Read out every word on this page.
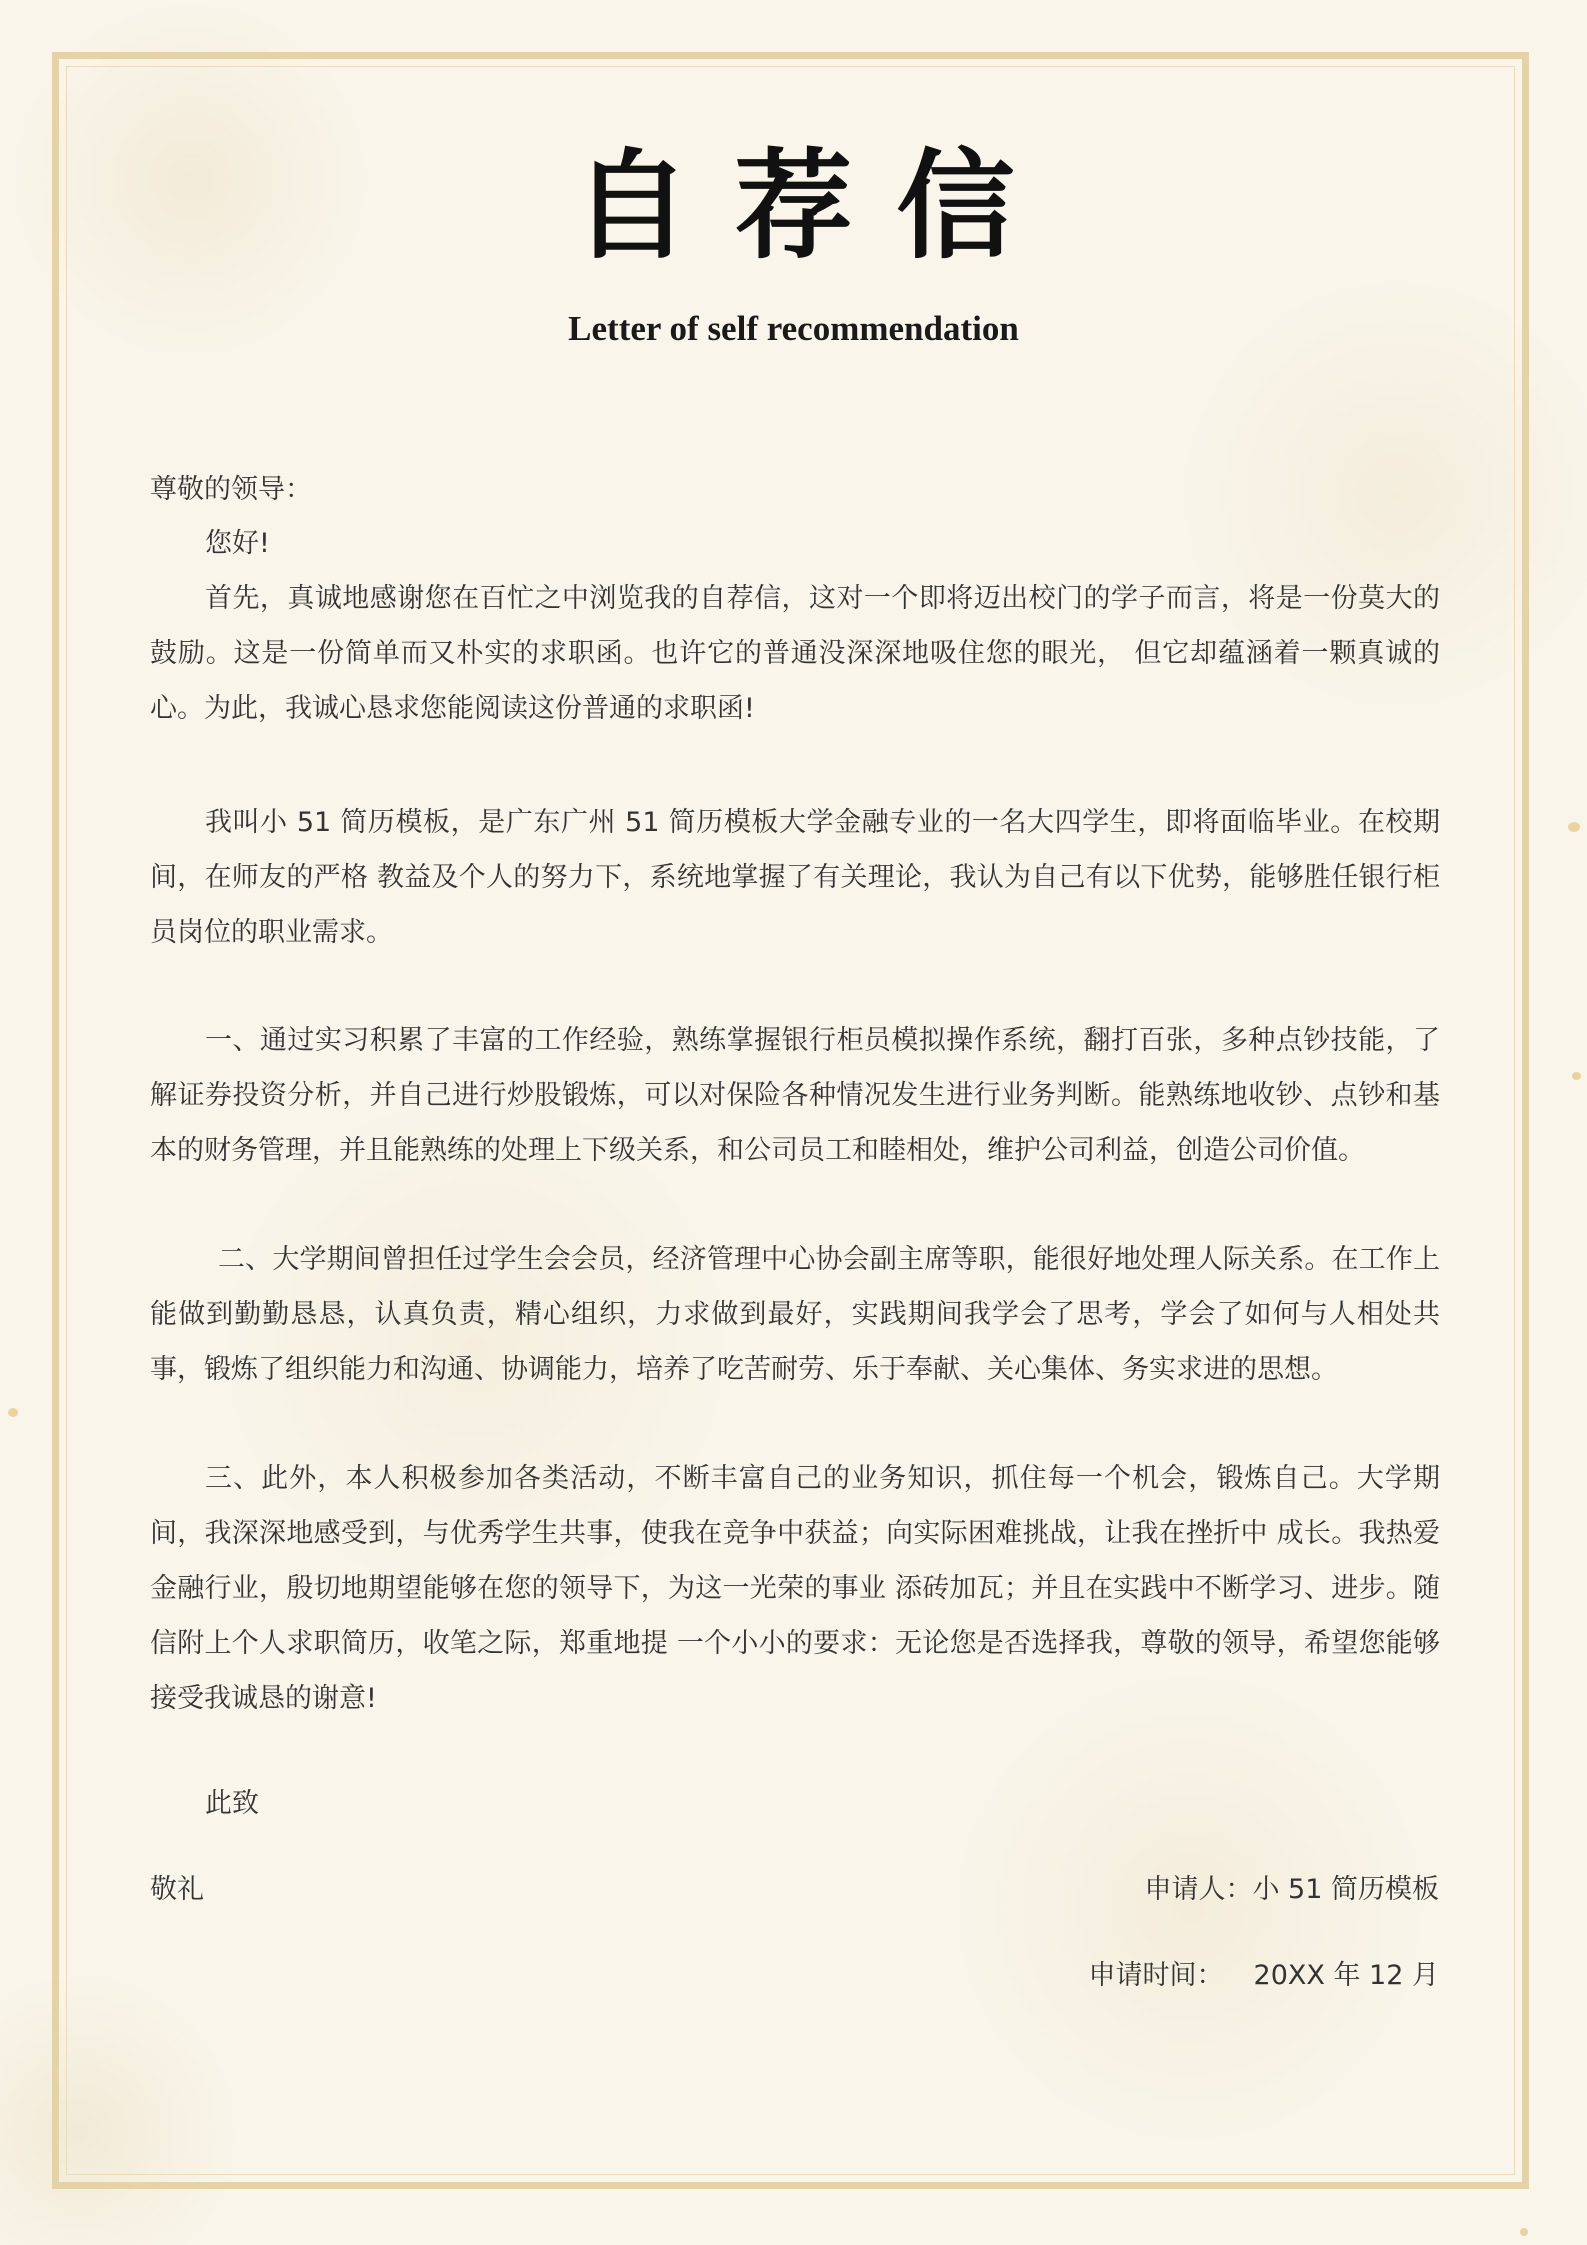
自荐信
Letter of self recommendation
尊敬的领导：
您好!
首先，真诚地感谢您在百忙之中浏览我的自荐信，这对一个即将迈出校门的学子而言，将是一份莫大的鼓励。这是一份简单而又朴实的求职函。也许它的普通没深深地吸住您的眼光， 但它却蕴涵着一颗真诚的心。为此，我诚心恳求您能阅读这份普通的求职函!
我叫小 51 简历模板，是广东广州 51 简历模板大学金融专业的一名大四学生，即将面临毕业。在校期间，在师友的严格 教益及个人的努力下，系统地掌握了有关理论，我认为自己有以下优势，能够胜任银行柜员岗位的职业需求。
一、通过实习积累了丰富的工作经验，熟练掌握银行柜员模拟操作系统，翻打百张，多种点钞技能，了解证券投资分析，并自己进行炒股锻炼，可以对保险各种情况发生进行业务判断。能熟练地收钞、点钞和基本的财务管理，并且能熟练的处理上下级关系，和公司员工和睦相处，维护公司利益，创造公司价值。
二、大学期间曾担任过学生会会员，经济管理中心协会副主席等职，能很好地处理人际关系。在工作上能做到勤勤恳恳，认真负责，精心组织，力求做到最好，实践期间我学会了思考，学会了如何与人相处共事，锻炼了组织能力和沟通、协调能力，培养了吃苦耐劳、乐于奉献、关心集体、务实求进的思想。
三、此外，本人积极参加各类活动，不断丰富自己的业务知识，抓住每一个机会，锻炼自己。大学期间，我深深地感受到，与优秀学生共事，使我在竞争中获益；向实际困难挑战，让我在挫折中 成长。我热爱金融行业，殷切地期望能够在您的领导下，为这一光荣的事业 添砖加瓦；并且在实践中不断学习、进步。随信附上个人求职简历，收笔之际，郑重地提 一个小小的要求：无论您是否选择我，尊敬的领导，希望您能够接受我诚恳的谢意!
此致
敬礼	申请人：小 51 简历模板
申请时间： 20XX 年 12 月
